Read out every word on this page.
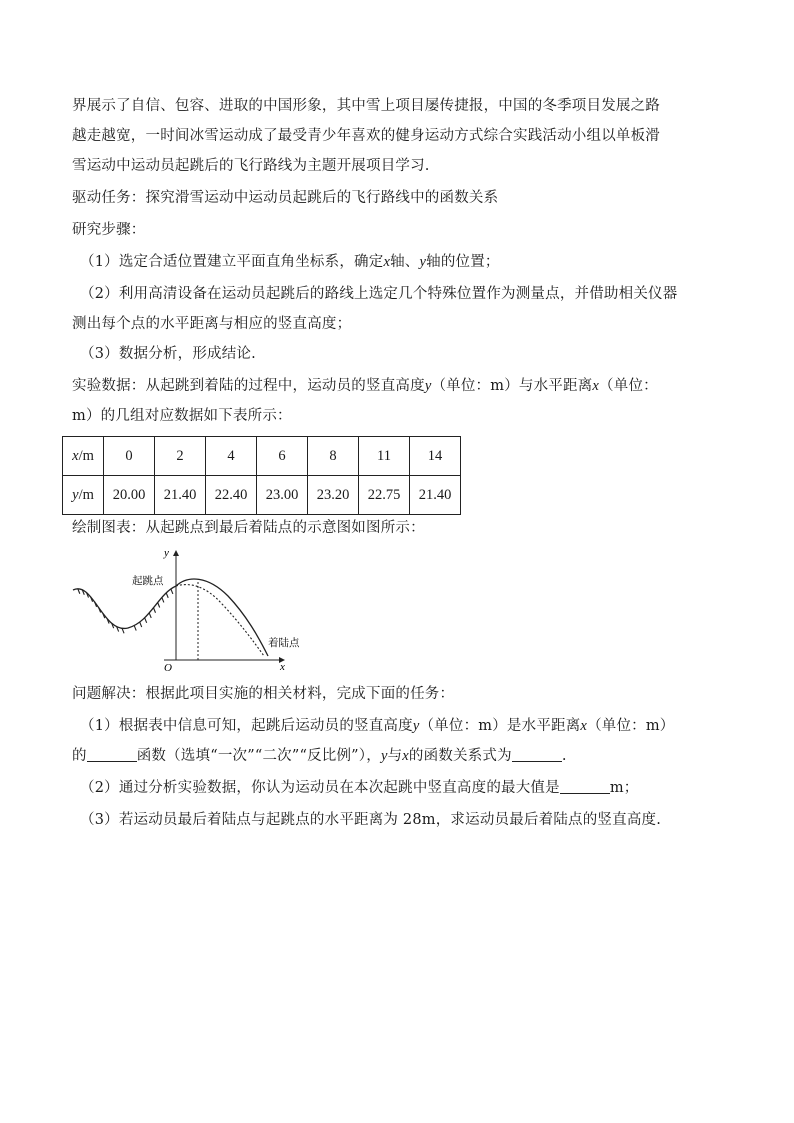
界展示了自信、包容、进取的中国形象，其中雪上项目屡传捷报，中国的冬季项目发展之路
越走越宽，一时间冰雪运动成了最受青少年喜欢的健身运动方式综合实践活动小组以单板滑
雪运动中运动员起跳后的飞行路线为主题开展项目学习.
驱动任务：探究滑雪运动中运动员起跳后的飞行路线中的函数关系
研究步骤：
（1）选定合适位置建立平面直角坐标系，确定x轴、y轴的位置；
（2）利用高清设备在运动员起跳后的路线上选定几个特殊位置作为测量点，并借助相关仪器
测出每个点的水平距离与相应的竖直高度；
（3）数据分析，形成结论.
实验数据：从起跳到着陆的过程中，运动员的竖直高度y（单位：m）与水平距离x（单位：
m）的几组对应数据如下表所示：
x/m	0	2	4	6	8	11	14
y/m	20.00	21.40	22.40	23.00	23.20	22.75	21.40
绘制图表：从起跳点到最后着陆点的示意图如图所示：
y
x
O
起跳点
着陆点
问题解决：根据此项目实施的相关材料，完成下面的任务：
（1）根据表中信息可知，起跳后运动员的竖直高度y（单位：m）是水平距离x（单位：m）
的	函数（选填“一次”“二次”“反比例”），y与x的函数关系式为	.
（2）通过分析实验数据，你认为运动员在本次起跳中竖直高度的最大值是	m；
（3）若运动员最后着陆点与起跳点的水平距离为 28m，求运动员最后着陆点的竖直高度.
